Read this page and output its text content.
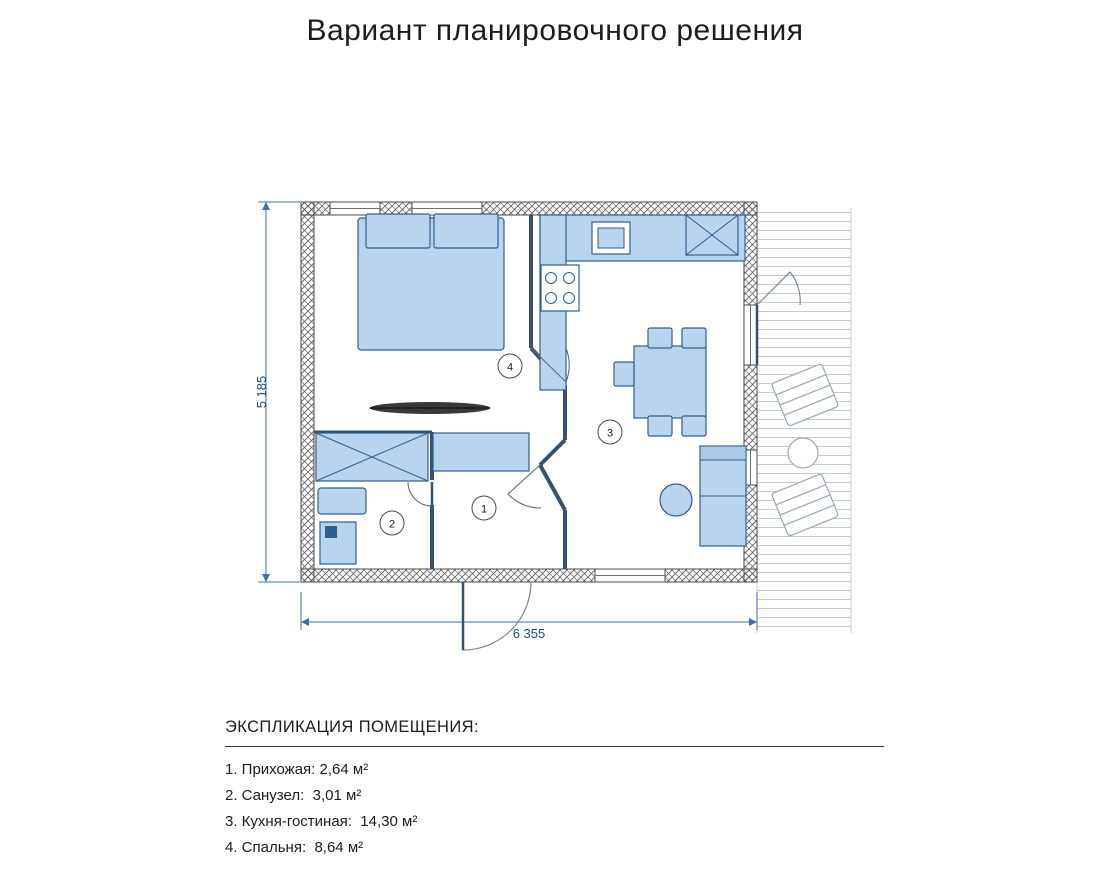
Вариант планировочного решения
5 185
6 355
1
2
3
4
ЭКСПЛИКАЦИЯ ПОМЕЩЕНИЯ:
1. Прихожая: 2,64 м²
2. Санузел:  3,01 м²
3. Кухня-гостиная:  14,30 м²
4. Спальня:  8,64 м²
